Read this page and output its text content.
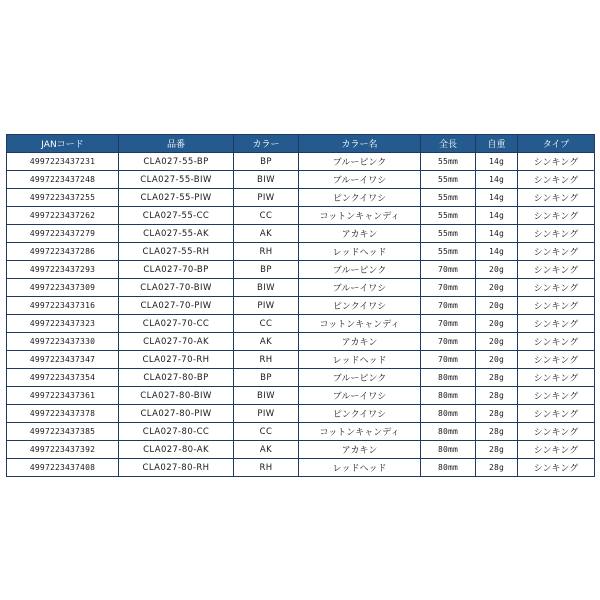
JANコード	品番	カラー	カラー名	全長	自重	タイプ
4997223437231	CLA027-55-BP	BP	ブルーピンク	55mm	14g	シンキング
4997223437248	CLA027-55-BIW	BIW	ブルーイワシ	55mm	14g	シンキング
4997223437255	CLA027-55-PIW	PIW	ピンクイワシ	55mm	14g	シンキング
4997223437262	CLA027-55-CC	CC	コットンキャンディ	55mm	14g	シンキング
4997223437279	CLA027-55-AK	AK	アカキン	55mm	14g	シンキング
4997223437286	CLA027-55-RH	RH	レッドヘッド	55mm	14g	シンキング
4997223437293	CLA027-70-BP	BP	ブルーピンク	70mm	20g	シンキング
4997223437309	CLA027-70-BIW	BIW	ブルーイワシ	70mm	20g	シンキング
4997223437316	CLA027-70-PIW	PIW	ピンクイワシ	70mm	20g	シンキング
4997223437323	CLA027-70-CC	CC	コットンキャンディ	70mm	20g	シンキング
4997223437330	CLA027-70-AK	AK	アカキン	70mm	20g	シンキング
4997223437347	CLA027-70-RH	RH	レッドヘッド	70mm	20g	シンキング
4997223437354	CLA027-80-BP	BP	ブルーピンク	80mm	28g	シンキング
4997223437361	CLA027-80-BIW	BIW	ブルーイワシ	80mm	28g	シンキング
4997223437378	CLA027-80-PIW	PIW	ピンクイワシ	80mm	28g	シンキング
4997223437385	CLA027-80-CC	CC	コットンキャンディ	80mm	28g	シンキング
4997223437392	CLA027-80-AK	AK	アカキン	80mm	28g	シンキング
4997223437408	CLA027-80-RH	RH	レッドヘッド	80mm	28g	シンキング
